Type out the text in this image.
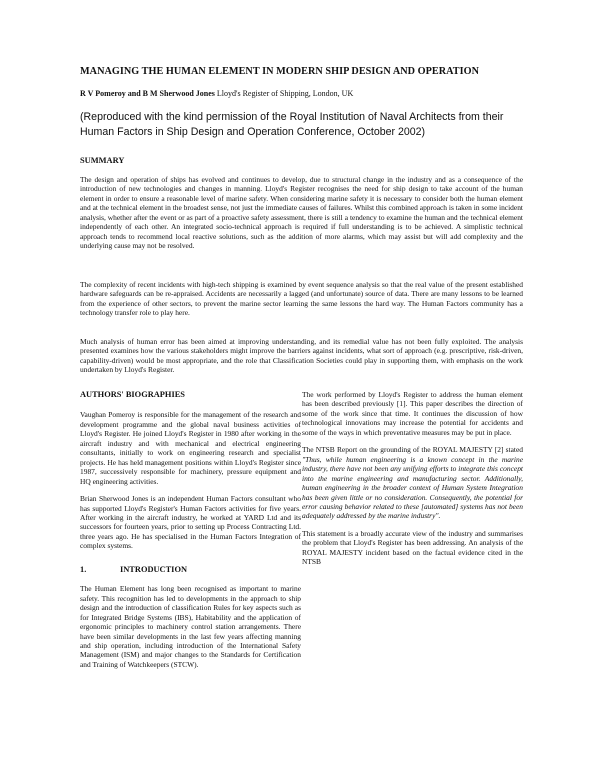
MANAGING THE HUMAN ELEMENT IN MODERN SHIP DESIGN AND OPERATION
R V Pomeroy and B M Sherwood Jones Lloyd's Register of Shipping, London, UK
(Reproduced with the kind permission of the Royal Institution of Naval Architects from their Human Factors in Ship Design and Operation Conference, October 2002)
SUMMARY
The design and operation of ships has evolved and continues to develop, due to structural change in the industry and as a consequence of the introduction of new technologies and changes in manning. Lloyd's Register recognises the need for ship design to take account of the human element in order to ensure a reasonable level of marine safety. When considering marine safety it is necessary to consider both the human element and at the technical element in the broadest sense, not just the immediate causes of failures. Whilst this combined approach is taken in some incident analysis, whether after the event or as part of a proactive safety assessment, there is still a tendency to examine the human and the technical element independently of each other. An integrated socio-technical approach is required if full understanding is to be achieved. A simplistic technical approach tends to recommend local reactive solutions, such as the addition of more alarms, which may assist but will add complexity and the underlying cause may not be resolved.
The complexity of recent incidents with high-tech shipping is examined by event sequence analysis so that the real value of the present established hardware safeguards can be re-appraised. Accidents are necessarily a lagged (and unfortunate) source of data. There are many lessons to be learned from the experience of other sectors, to prevent the marine sector learning the same lessons the hard way. The Human Factors community has a technology transfer role to play here.
Much analysis of human error has been aimed at improving understanding, and its remedial value has not been fully exploited. The analysis presented examines how the various stakeholders might improve the barriers against incidents, what sort of approach (e.g. prescriptive, risk-driven, capability-driven) would be most appropriate, and the role that Classification Societies could play in supporting them, with emphasis on the work undertaken by Lloyd's Register.
AUTHORS' BIOGRAPHIES

Vaughan Pomeroy is responsible for the management of the research and development programme and the global naval business activities of Lloyd's Register. He joined Lloyd's Register in 1980 after working in the aircraft industry and with mechanical and electrical engineering consultants, initially to work on engineering research and specialist projects. He has held management positions within Lloyd's Register since 1987, successively responsible for machinery, pressure equipment and HQ engineering activities.

Brian Sherwood Jones is an independent Human Factors consultant who has supported Lloyd's Register's Human Factors activities for five years. After working in the aircraft industry, he worked at YARD Ltd and its successors for fourteen years, prior to setting up Process Contracting Ltd. three years ago. He has specialised in the Human Factors Integration of complex systems.

1.	INTRODUCTION

The Human Element has long been recognised as important to marine safety. This recognition has led to developments in the approach to ship design and the introduction of classification Rules for key aspects such as for Integrated Bridge Systems (IBS), Habitability and the application of ergonomic principles to machinery control station arrangements. There have been similar developments in the last few years affecting manning and ship operation, including introduction of the International Safety Management (ISM) and major changes to the Standards for Certification and Training of Watchkeepers (STCW).

The work performed by Lloyd's Register to address the human element has been described previously [1]. This paper describes the direction of some of the work since that time. It continues the discussion of how technological innovations may increase the potential for accidents and some of the ways in which preventative measures may be put in place.

The NTSB Report on the grounding of the ROYAL MAJESTY [2] stated "Thus, while human engineering is a known concept in the marine industry, there have not been any unifying efforts to integrate this concept into the marine engineering and manufacturing sector. Additionally, human engineering in the broader context of Human System Integration has been given little or no consideration. Consequently, the potential for error causing behavior related to these [automated] systems has not been adequately addressed by the marine industry".

This statement is a broadly accurate view of the industry and summarises the problem that Lloyd's Register has been addressing. An analysis of the ROYAL MAJESTY incident based on the factual evidence cited in the NTSB
